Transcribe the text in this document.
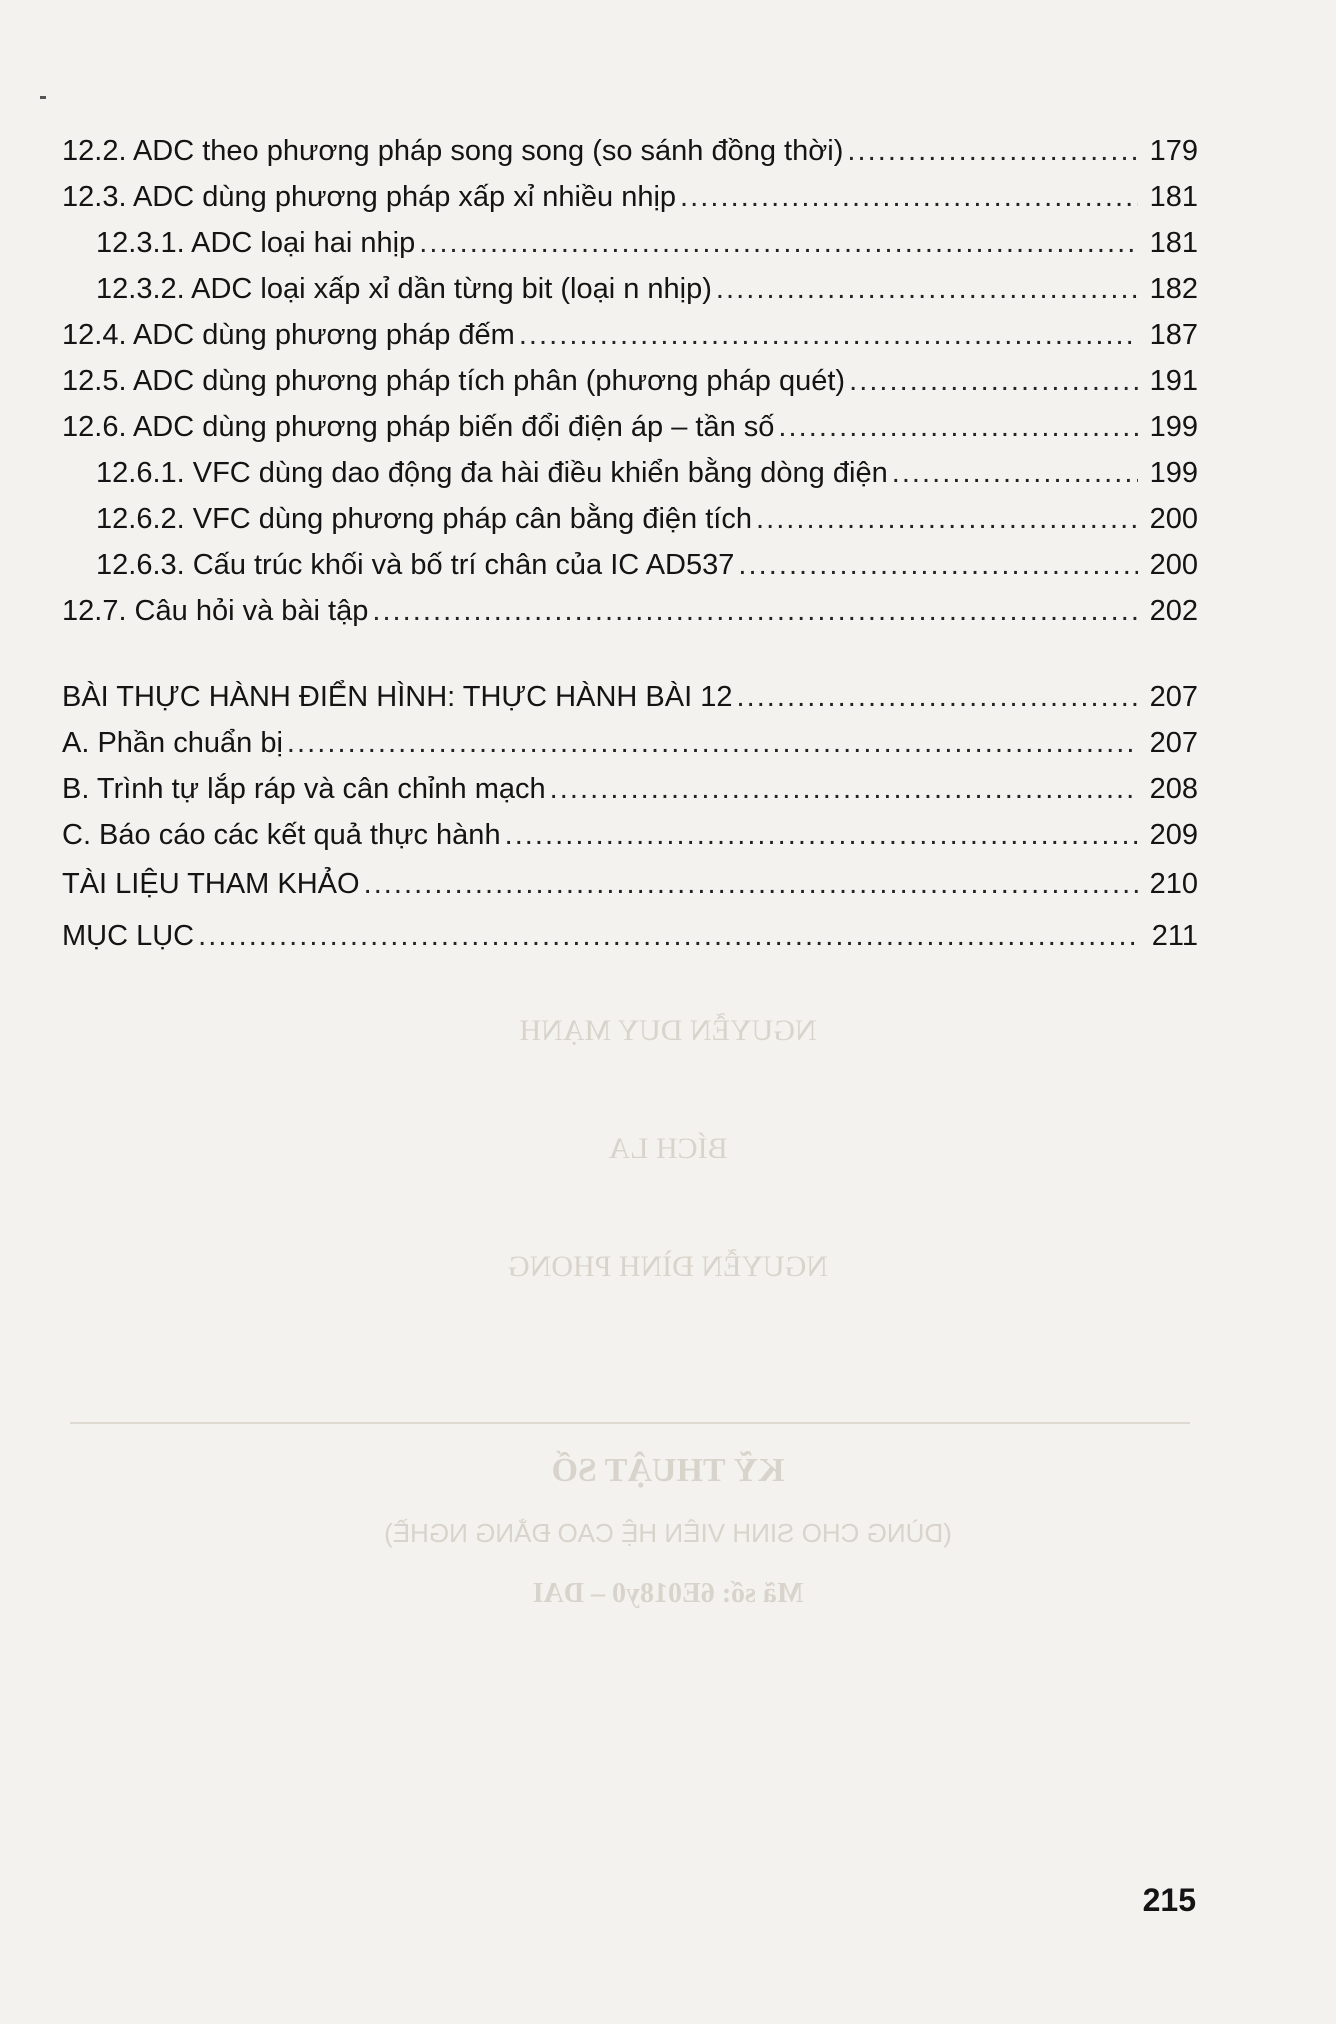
12.2. ADC theo phương pháp song song (so sánh đồng thời) . . .	179
12.3. ADC dùng phương pháp xấp xỉ nhiều nhịp . . .	181
12.3.1. ADC loại hai nhịp . . .	181
12.3.2. ADC loại xấp xỉ dần từng bit (loại n nhịp) . . .	182
12.4. ADC dùng phương pháp đếm . . .	187
12.5. ADC dùng phương pháp tích phân (phương pháp quét) . . .	191
12.6. ADC dùng phương pháp biến đổi điện áp – tần số . . .	199
12.6.1. VFC dùng dao động đa hài điều khiển bằng dòng điện . . .	199
12.6.2. VFC dùng phương pháp cân bằng điện tích . . .	200
12.6.3. Cấu trúc khối và bố trí chân của IC AD537 . . .	200
12.7. Câu hỏi và bài tập . . .	202
BÀI THỰC HÀNH ĐIỂN HÌNH: THỰC HÀNH BÀI 12 . . .	207
A. Phần chuẩn bị . . .	207
B. Trình tự lắp ráp và cân chỉnh mạch . . .	208
C. Báo cáo các kết quả thực hành . . .	209
TÀI LIỆU THAM KHẢO . . .	210
MỤC LỤC . . .	211
NGUYỄN DUY MẠNH
BÍCH LA
NGUYỄN ĐÌNH PHONG
KỸ THUẬT SỐ
(DÙNG CHO SINH VIÊN HỆ CAO ĐẲNG NGHỀ)
Mã số: 6E018y0 – DAI
215
